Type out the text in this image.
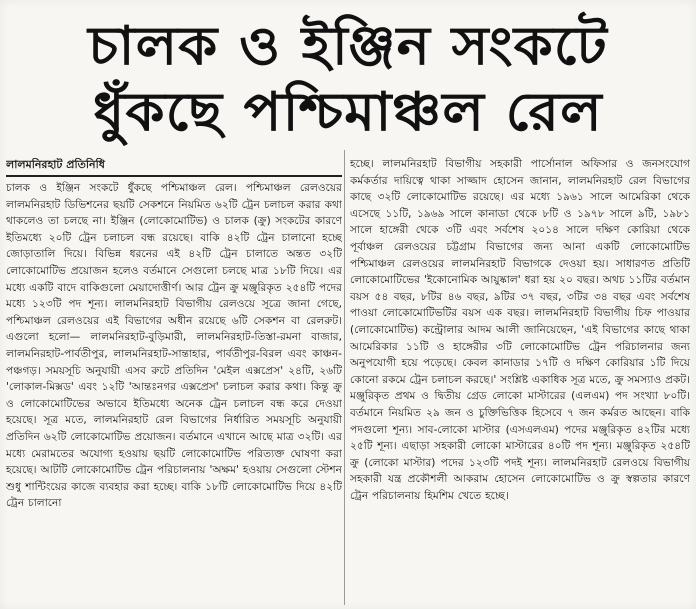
চালক ও ইঞ্জিন সংকটে
ধুঁকছে পশ্চিমাঞ্চল রেল
লালমনিরহাট প্রতিনিধি

চালক ও ইঞ্জিন সংকটে ধুঁকছে পশ্চিমাঞ্চল রেল। পশ্চিমাঞ্চল রেলওয়ের লালমনিরহাট ডিভিশনের ছয়টি সেকশনে নিয়মিত ৬২টি ট্রেন চলাচল করার কথা থাকলেও তা চলছে না। ইঞ্জিন (লোকোমোটিভ) ও চালক (ক্রু) সংকটের কারণে ইতিমধ্যে ২০টি ট্রেন চলাচল বন্ধ রয়েছে। বাকি ৪২টি ট্রেন চালানো হচ্ছে জোড়াতালি দিয়ে। বিভিন্ন ধরনের এই ৪২টি ট্রেন চালাতে অন্তত ৩২টি লোকোমোটিভ প্রয়োজন হলেও বর্তমানে সেগুলো চলছে মাত্র ১৮টি দিয়ে। এর মধ্যে একটি বাদে বাকিগুলো মেয়াদোত্তীর্ণ। আর ট্রেন ক্রু মঞ্জুরিকৃত ২৫৪টি পদের মধ্যে ১২৩টি পদ শূন্য। লালমনিরহাট বিভাগীয় রেলওয়ে সূত্রে জানা গেছে, পশ্চিমাঞ্চল রেলওয়ের এই বিভাগের অধীন রয়েছে ৬টি সেকশন বা রেলরুট। এগুলো হলো— লালমনিরহাট-বুড়িমারী, লালমনিরহাট-তিস্তা-রমনা বাজার, লালমনিরহাট-পার্বতীপুর, লালমনিরহাট-সান্তাহার, পার্বতীপুর-বিরল এবং কাঞ্চন-পঞ্চগড়। সময়সূচি অনুযায়ী এসব রুটে প্রতিদিন 'মেইল এক্সপ্রেস' ২৪টি, ২৬টি 'লোকাল-মিক্সড' এবং ১২টি 'আন্তঃনগর এক্সপ্রেস' চলাচল করার কথা। কিন্তু ক্রু ও লোকোমোটিভের অভাবে ইতিমধ্যে অনেক ট্রেন চলাচল বন্ধ করে দেওয়া হয়েছে। সূত্র মতে, লালমনিরহাট রেল বিভাগের নির্ধারিত সময়সূচি অনুযায়ী প্রতিদিন ৬২টি লোকোমোটিভ প্রয়োজন। বর্তমানে এখানে আছে মাত্র ৩২টি। এর মধ্যে মেরামতের অযোগ্য হওয়ায় ছয়টি লোকোমোটিভ পরিত্যক্ত ঘোষণা করা হয়েছে। আটটি লোকোমোটিভ ট্রেন পরিচালনায় 'অক্ষম' হওয়ায় সেগুলো স্টেশন শুধু শান্টিংয়ের কাজে ব্যবহার করা হচ্ছে। বাকি ১৮টি লোকোমোটিভ দিয়ে ৪২টি ট্রেন চালানো

হচ্ছে। লালমনিরহাট বিভাগীয় সহকারী পার্সোনাল অফিসার ও জনসংযোগ কর্মকর্তার দায়িত্বে থাকা সাজ্জাদ হোসেন জানান, লালমনিরহাট রেল বিভাগের কাছে ৩২টি লোকোমোটিভ রয়েছে। এর মধ্যে ১৯৬১ সালে আমেরিকা থেকে এসেছে ১১টি, ১৯৬৯ সালে কানাডা থেকে ৮টি ও ১৯৭৮ সালে ৯টি, ১৯৮১ সালে হাঙ্গেরী থেকে ৩টি এবং সর্বশেষ ২০১৪ সালে দক্ষিণ কোরিয়া থেকে পূর্বাঞ্চল রেলওয়ের চট্টগ্রাম বিভাগের জন্য আনা একটি লোকোমোটিভ পশ্চিমাঞ্চল রেলওয়ের লালমনিরহাট বিভাগকে দেওয়া হয়। সাধারণত প্রতিটি লোকোমোটিভের 'ইকোনোমিক আয়ুষ্কাল' ধরা হয় ২০ বছর। অথচ ১১টির বর্তমান বয়স ৫৪ বছর, ৮টির ৪৬ বছর, ৯টির ৩৭ বছর, ৩টির ৩৪ বছর এবং সর্বশেষ পাওয়া লোকোমোটিভটির বয়স এক বছর। লালমনিরহাট বিভাগীয় চিফ পাওয়ার (লোকোমোটিভ) কন্ট্রোলার আদম আলী জানিয়েছেন, 'এই বিভাগের কাছে থাকা আমেরিকার ১১টি ও হাঙ্গেরীর ৩টি লোকোমোটিভ ট্রেন পরিচালনার জন্য অনুপযোগী হয়ে পড়েছে। কেবল কানাডার ১৭টি ও দক্ষিণ কোরিয়ার ১টি দিয়ে কোনো রকমে ট্রেন চলাচল করছে।' সংশ্লিষ্ট একাধিক সূত্র মতে, ক্রু সমস্যাও প্রকট। মঞ্জুরিকৃত প্রথম ও দ্বিতীয় গ্রেড লোকো মাস্টারের (এলএম) পদ সংখ্যা ৮০টি। বর্তমানে নিয়মিত ২৯ জন ও চুক্তিভিত্তিক হিসেবে ৭ জন কর্মরত আছেন। বাকি পদগুলো শূন্য। সাব-লোকো মাস্টার (এসএলএম) পদের মঞ্জুরিকৃত ৪২টির মধ্যে ২৫টি শূন্য। এছাড়া সহকারী লোকো মাস্টারের ৪০টি পদ শূন্য। মঞ্জুরিকৃত ২৫৪টি ক্রু (লোকো মাস্টার) পদের ১২৩টি পদই শূন্য। লালমনিরহাট রেলওয়ে বিভাগীয় সহকারী যন্ত্র প্রকৌশলী আকরাম হোসেন লোকোমোটিভ ও ক্রু স্বল্পতার কারণে ট্রেন পরিচালনায় হিমশিম খেতে হচ্ছে।
